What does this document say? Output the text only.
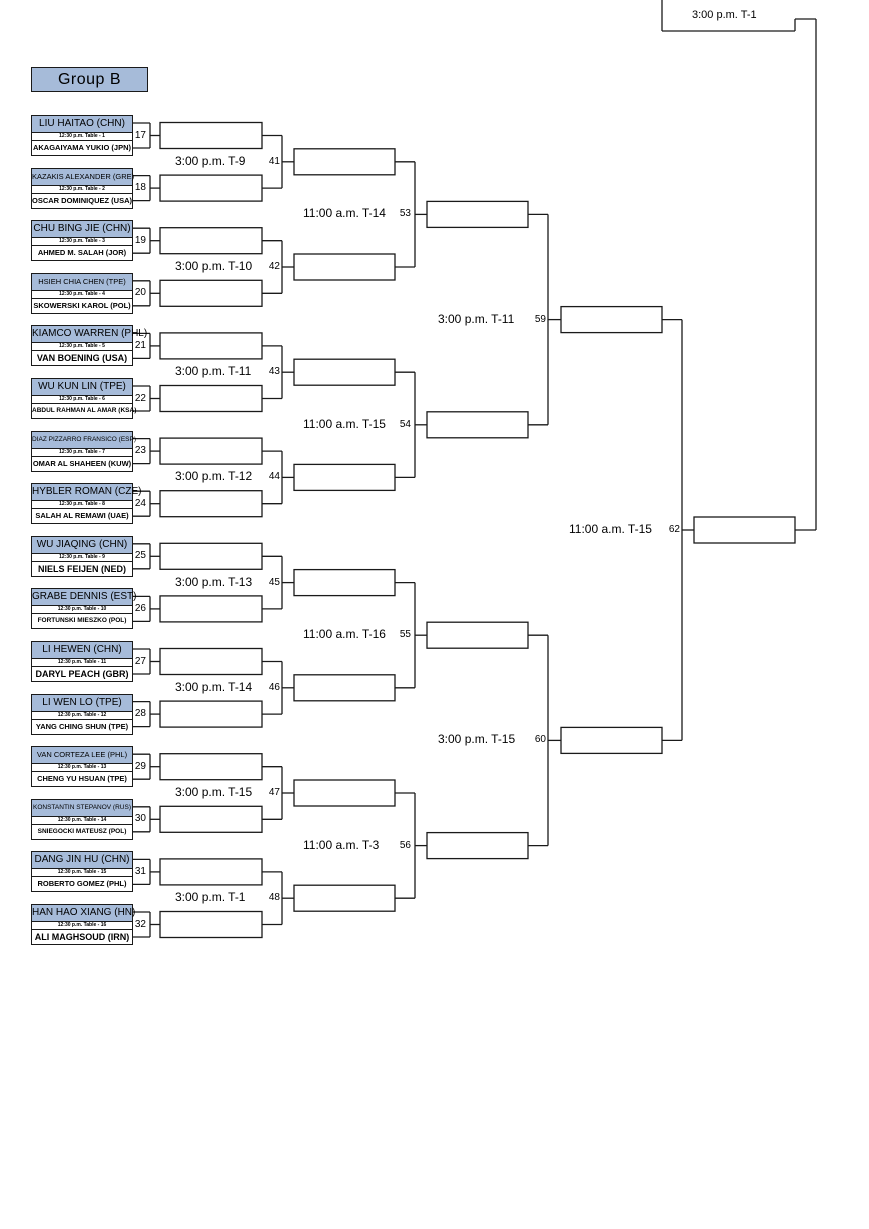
Group B
3:00 p.m. T-1
LIU HAITAO (CHN)
12:30 p.m. Table - 1
AKAGAIYAMA YUKIO (JPN)
17
KAZAKIS ALEXANDER (GRE)
12:30 p.m. Table - 2
OSCAR DOMINIQUEZ (USA)
18
CHU BING JIE (CHN)
12:30 p.m. Table - 3
AHMED M. SALAH (JOR)
19
HSIEH CHIA CHEN (TPE)
12:30 p.m. Table - 4
SKOWERSKI KAROL (POL)
20
KIAMCO WARREN (PHL)
12:30 p.m. Table - 5
VAN BOENING (USA)
21
WU KUN LIN (TPE)
12:30 p.m. Table - 6
ABDUL RAHMAN AL AMAR (KSA)
22
DIAZ PIZZARRO FRANSICO (ESP)
12:30 p.m. Table - 7
OMAR AL SHAHEEN (KUW)
23
HYBLER ROMAN (CZE)
12:30 p.m. Table - 8
SALAH AL REMAWI (UAE)
24
WU JIAQING (CHN)
12:30 p.m. Table - 9
NIELS FEIJEN (NED)
25
GRABE DENNIS (EST)
12:30 p.m. Table - 10
FORTUNSKI MIESZKO (POL)
26
LI HEWEN (CHN)
12:30 p.m. Table - 11
DARYL PEACH (GBR)
27
LI WEN LO (TPE)
12:30 p.m. Table - 12
YANG CHING SHUN (TPE)
28
VAN CORTEZA LEE (PHL)
12:30 p.m. Table - 13
CHENG YU HSUAN (TPE)
29
KONSTANTIN STEPANOV (RUS)
12:30 p.m. Table - 14
SNIEGOCKI MATEUSZ (POL)
30
DANG JIN HU (CHN)
12:30 p.m. Table - 15
ROBERTO GOMEZ (PHL)
31
HAN HAO XIANG (HN)
12:30 p.m. Table - 16
ALI MAGHSOUD (IRN)
32
41
3:00 p.m. T-9
42
3:00 p.m. T-10
43
3:00 p.m. T-11
44
3:00 p.m. T-12
45
3:00 p.m. T-13
46
3:00 p.m. T-14
47
3:00 p.m. T-15
48
3:00 p.m. T-1
53
11:00 a.m. T-14
54
11:00 a.m. T-15
55
11:00 a.m. T-16
56
11:00 a.m. T-3
59
3:00 p.m. T-11
60
3:00 p.m. T-15
62
11:00 a.m. T-15
